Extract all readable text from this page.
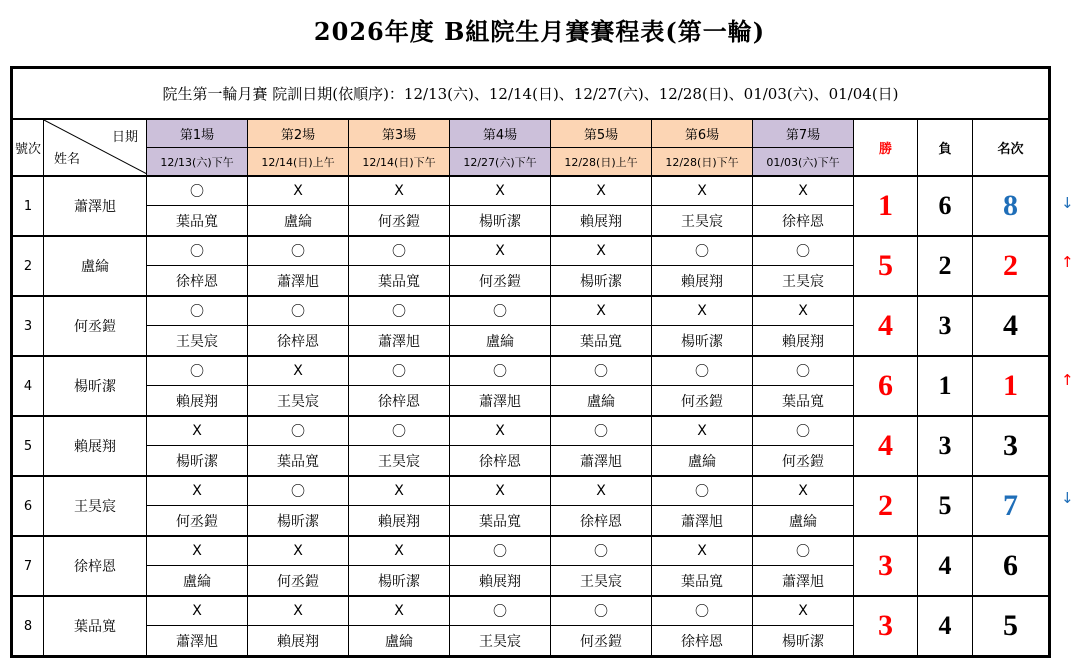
2026年度 B組院生月賽賽程表(第一輪)
院生第一輪月賽 院訓日期(依順序)：12/13(六)、12/14(日)、12/27(六)、12/28(日)、01/03(六)、01/04(日)											
號次	日期
姓名	第1場	第2場	第3場	第4場	第5場	第6場	第7場	勝	負	名次
		12/13(六)下午	12/14(日)上午	12/14(日)下午	12/27(六)下午	12/28(日)上午	12/28(日)下午	01/03(六)下午			
1	蕭澤旭	〇	X	X	X	X	X	X	1	6	8
		葉品寬	盧綸	何丞鎧	楊昕潔	賴展翔	王昊宸	徐梓恩			
2	盧綸	〇	〇	〇	X	X	〇	〇	5	2	2
		徐梓恩	蕭澤旭	葉品寬	何丞鎧	楊昕潔	賴展翔	王昊宸			
3	何丞鎧	〇	〇	〇	〇	X	X	X	4	3	4
		王昊宸	徐梓恩	蕭澤旭	盧綸	葉品寬	楊昕潔	賴展翔			
4	楊昕潔	〇	X	〇	〇	〇	〇	〇	6	1	1
		賴展翔	王昊宸	徐梓恩	蕭澤旭	盧綸	何丞鎧	葉品寬			
5	賴展翔	X	〇	〇	X	〇	X	〇	4	3	3
		楊昕潔	葉品寬	王昊宸	徐梓恩	蕭澤旭	盧綸	何丞鎧			
6	王昊宸	X	〇	X	X	X	〇	X	2	5	7
		何丞鎧	楊昕潔	賴展翔	葉品寬	徐梓恩	蕭澤旭	盧綸			
7	徐梓恩	X	X	X	〇	〇	X	〇	3	4	6
		盧綸	何丞鎧	楊昕潔	賴展翔	王昊宸	葉品寬	蕭澤旭			
8	葉品寬	X	X	X	〇	〇	〇	X	3	4	5
		蕭澤旭	賴展翔	盧綸	王昊宸	何丞鎧	徐梓恩	楊昕潔			
↓
↑
↑
↓
